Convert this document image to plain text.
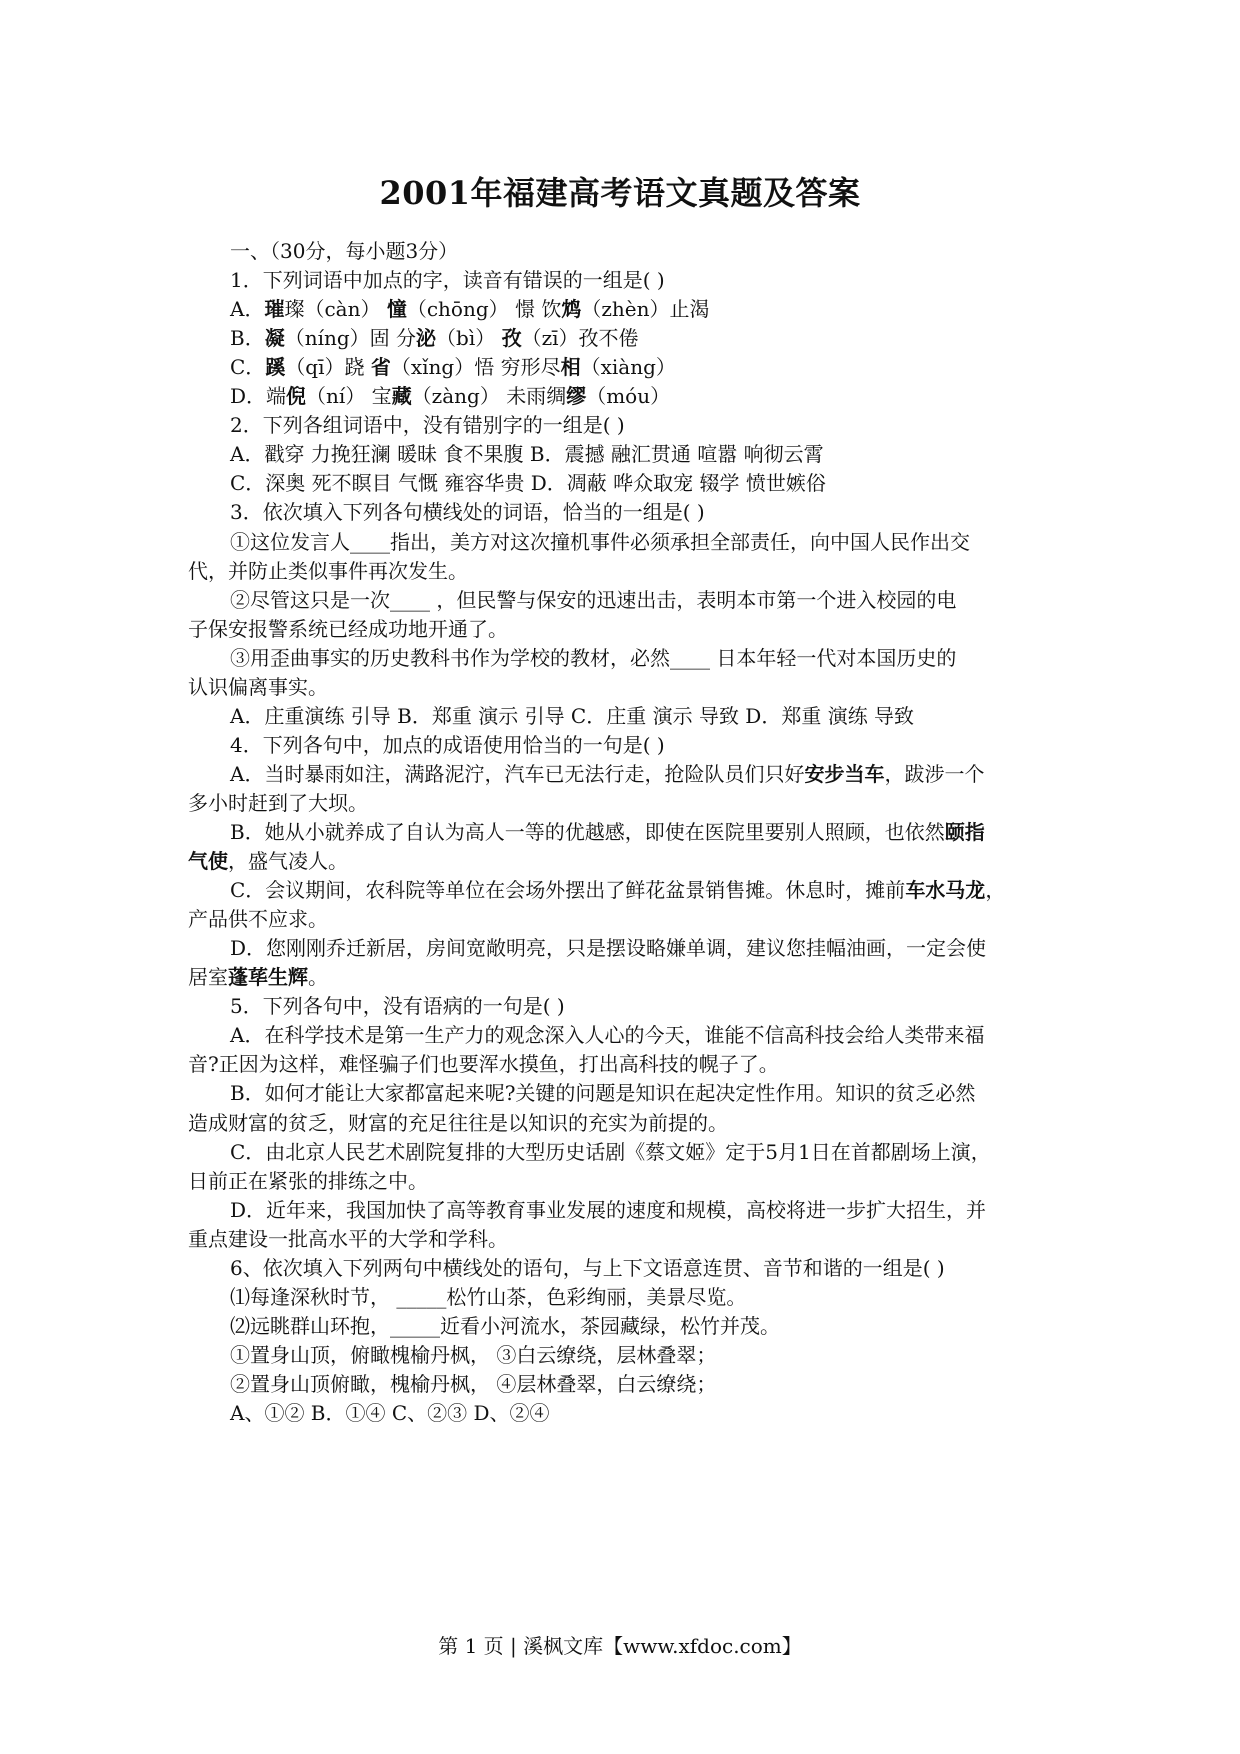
2001年福建高考语文真题及答案
一、（30分，每小题3分）
1．下列词语中加点的字，读音有错误的一组是( )
A．璀璨（càn） 憧（chōng） 憬 饮鸩（zhèn）止渴
B．凝（níng）固 分泌（bì） 孜（zī）孜不倦
C．蹊（qī）跷 省（xǐng）悟 穷形尽相（xiàng）
D．端倪（ní） 宝藏（zàng） 未雨绸缪（móu）
2．下列各组词语中，没有错别字的一组是( )
A．戳穿 力挽狂澜 暖昧 食不果腹 B．震撼 融汇贯通 喧嚣 响彻云霄
C．深奥 死不瞑目 气慨 雍容华贵 D．凋蔽 哗众取宠 辍学 愤世嫉俗
3．依次填入下列各句横线处的词语，恰当的一组是( )
①这位发言人____指出，美方对这次撞机事件必须承担全部责任，向中国人民作出交
代，并防止类似事件再次发生。
②尽管这只是一次____ ，但民警与保安的迅速出击，表明本市第一个进入校园的电
子保安报警系统已经成功地开通了。
③用歪曲事实的历史教科书作为学校的教材，必然____ 日本年轻一代对本国历史的
认识偏离事实。
A．庄重演练 引导 B．郑重 演示 引导 C．庄重 演示 导致 D．郑重 演练 导致
4．下列各句中，加点的成语使用恰当的一句是( )
A．当时暴雨如注，满路泥泞，汽车已无法行走，抢险队员们只好安步当车，跋涉一个
多小时赶到了大坝。
B．她从小就养成了自认为高人一等的优越感，即使在医院里要别人照顾，也依然颐指
气使，盛气凌人。
C．会议期间，农科院等单位在会场外摆出了鲜花盆景销售摊。休息时，摊前车水马龙，
产品供不应求。
D．您刚刚乔迁新居，房间宽敞明亮，只是摆设略嫌单调，建议您挂幅油画，一定会使
居室蓬荜生辉。
5．下列各句中，没有语病的一句是( )
A．在科学技术是第一生产力的观念深入人心的今天，谁能不信高科技会给人类带来福
音?正因为这样，难怪骗子们也要浑水摸鱼，打出高科技的幌子了。
B．如何才能让大家都富起来呢?关键的问题是知识在起决定性作用。知识的贫乏必然
造成财富的贫乏，财富的充足往往是以知识的充实为前提的。
C．由北京人民艺术剧院复排的大型历史话剧《蔡文姬》定于5月1日在首都剧场上演，
日前正在紧张的排练之中。
D．近年来，我国加快了高等教育事业发展的速度和规模，高校将进一步扩大招生，并
重点建设一批高水平的大学和学科。
6、依次填入下列两句中横线处的语句，与上下文语意连贯、音节和谐的一组是( )
⑴每逢深秋时节， _____松竹山茶，色彩绚丽，美景尽览。
⑵远眺群山环抱，_____近看小河流水，茶园藏绿，松竹并茂。
①置身山顶，俯瞰槐榆丹枫， ③白云缭绕，层林叠翠；
②置身山顶俯瞰，槐榆丹枫， ④层林叠翠，白云缭绕；
A、①② B．①④ C、②③ D、②④
第 1 页 | 溪枫文库【www.xfdoc.com】
